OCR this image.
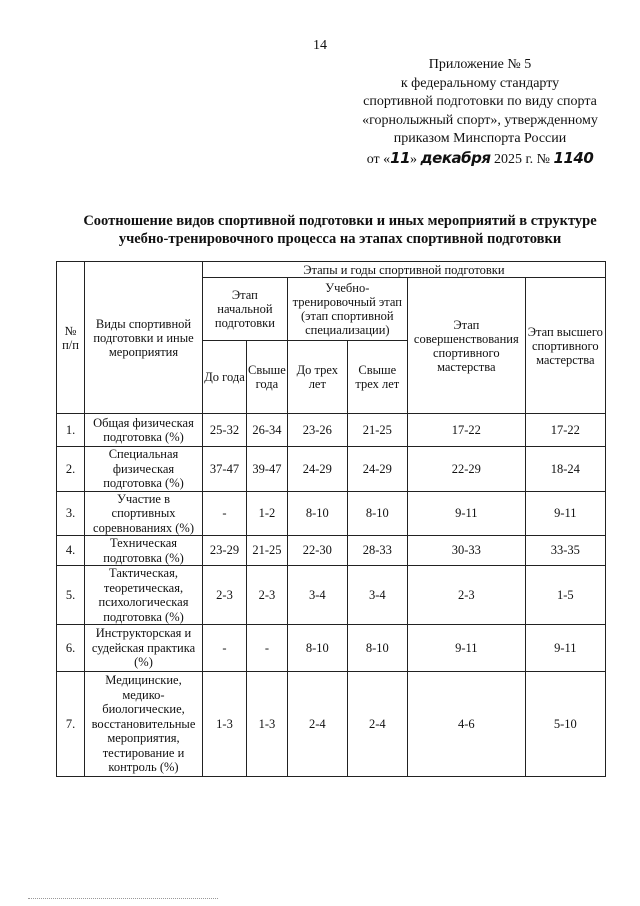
14
Приложение № 5
к федеральному стандарту
спортивной подготовки по виду спорта
«горнолыжный спорт», утвержденному
приказом Минспорта России
от «11» декабря 2025 г. № 1140
Соотношение видов спортивной подготовки и иных мероприятий в структуре
учебно-тренировочного процесса на этапах спортивной подготовки
№ п/п	Виды спортивной подготовки и иные мероприятия	Этапы и годы спортивной подготовки					
		Этап начальной подготовки		Учебно-тренировочный этап (этап спортивной специализации)		Этап совершенствования спортивного мастерства	Этап высшего спортивного мастерства
		До года	Свыше года	До трех лет	Свыше трех лет		
1.	Общая физическая подготовка (%)	25-32	26-34	23-26	21-25	17-22	17-22
2.	Специальная физическая подготовка (%)	37-47	39-47	24-29	24-29	22-29	18-24
3.	Участие в спортивных соревнованиях (%)	-	1-2	8-10	8-10	9-11	9-11
4.	Техническая подготовка (%)	23-29	21-25	22-30	28-33	30-33	33-35
5.	Тактическая, теоретическая, психологическая подготовка (%)	2-3	2-3	3-4	3-4	2-3	1-5
6.	Инструкторская и судейская практика (%)	-	-	8-10	8-10	9-11	9-11
7.	Медицинские, медико-биологические, восстановительные мероприятия, тестирование и контроль (%)	1-3	1-3	2-4	2-4	4-6	5-10
